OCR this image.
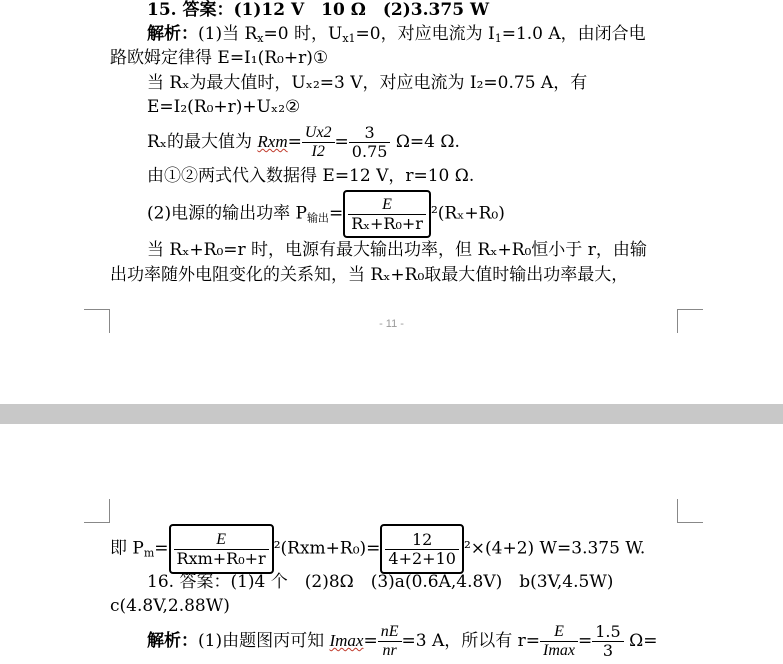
15. 答案：(1)12 V　10 Ω　(2)3.375 W
解析：(1)当 $R_x=0$ 时，$U_{x1}=0$，对应电流为 $I_1=1.0$ A，由闭合电
路欧姆定律得 E=I₁(R₀+r)①
当 Rₓ为最大值时，Uₓ₂=3 V，对应电流为 I₂=0.75 A，有
E=I₂(R₀+r)+Uₓ₂②
Rₓ的最大值为 $Rxm= \frac{Ux2}{I2} = \frac{3}{0.75} \Omega=4$ Ω.
由①②两式代入数据得 E=12 V，r=10 Ω.
(2)电源的输出功率 $P_{输出}= \frac{E}{\text{Rₓ+R₀+r}} ^2(R_x+R_0)$
当 Rₓ+R₀=r 时，电源有最大输出功率，但 Rₓ+R₀恒小于 r，由输
出功率随外电阻变化的关系知，当 Rₓ+R₀取最大值时输出功率最大，
- 11 -
即 $P_m= \frac{E}{\text{Rxm+R₀+r}} ^2(Rxm+R_0)= \frac{12}{4+2+10} ^2\times(4+2)$ W=3.375 W.
16. 答案：(1)4 个　(2)8Ω　(3)a(0.6A,4.8V)　b(3V,4.5W)
c(4.8V,2.88W)
解析：(1)由题图丙可知 $Imax= \frac{nE}{nr} =3$ A，所以有 $r= \frac{E}{Imax} = \frac{1.5}{3} \Omega=$
